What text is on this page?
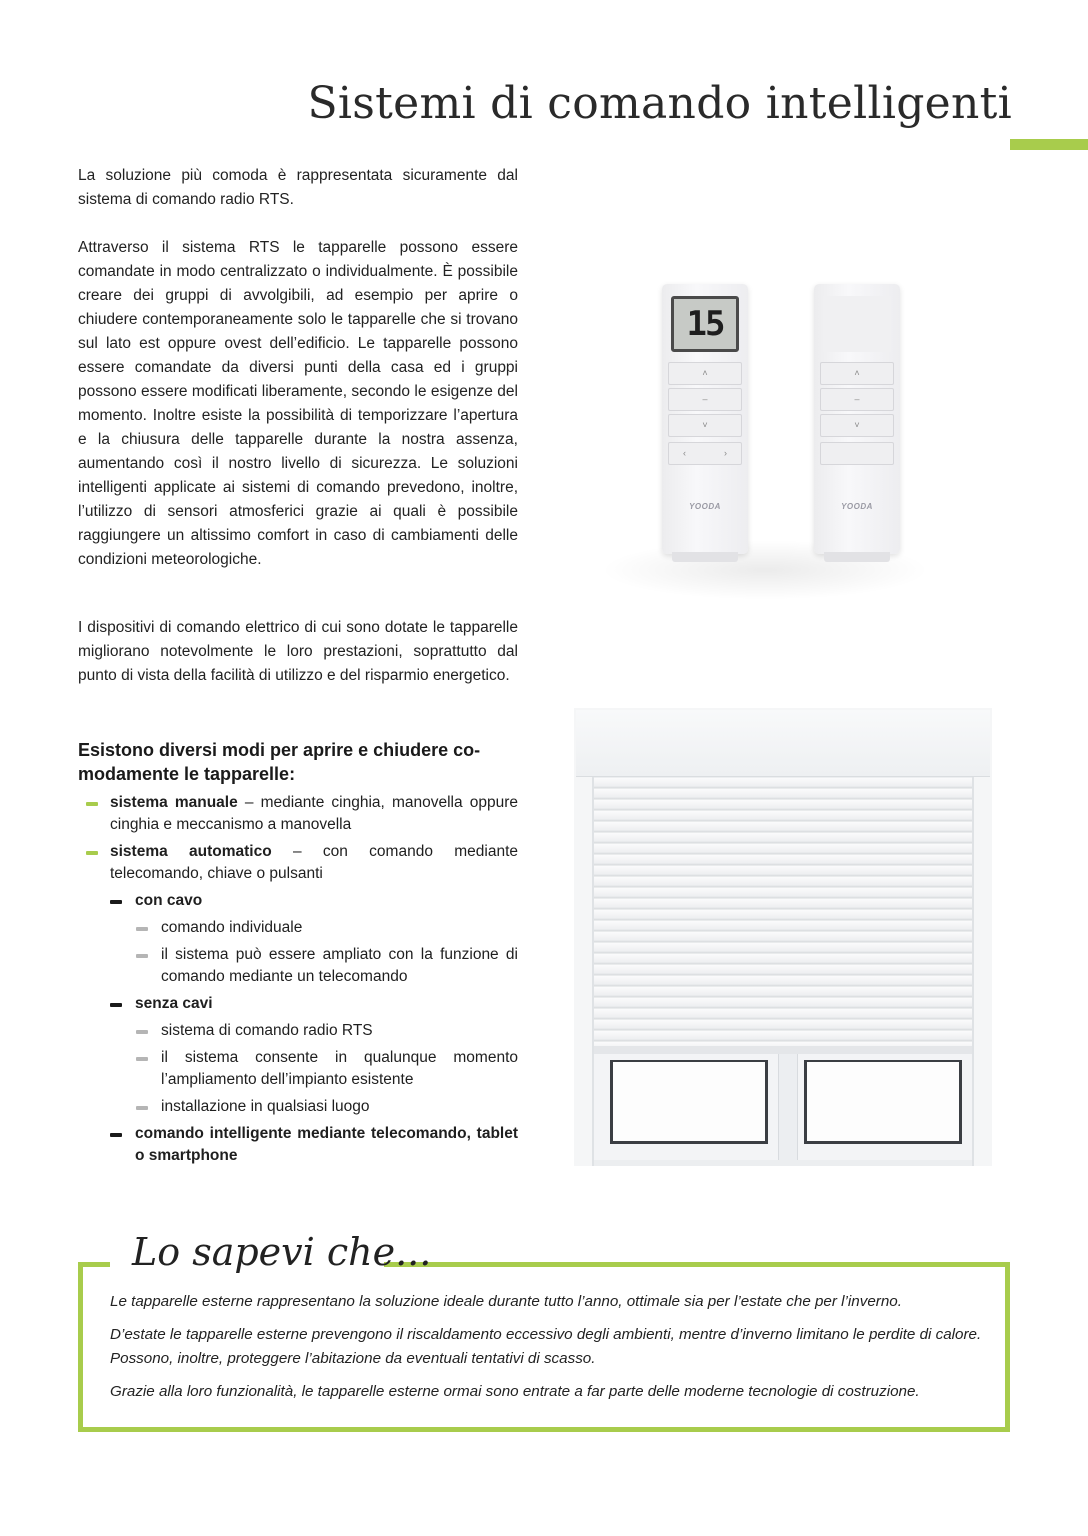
Sistemi di comando intelligenti

La soluzione più comoda è rappresentata sicuramente dal sistema di comando radio RTS.

Attraverso il sistema RTS le tapparelle possono essere comandate in modo centralizzato o individualmente. È possibile creare dei gruppi di avvolgibili, ad esempio per aprire o chiudere contemporaneamente solo le tapparelle che si trovano sul lato est oppure ovest dell’edificio. Le tapparelle possono essere comandate da diversi punti della casa ed i gruppi possono essere modificati liberamente, secondo le esigenze del momento. Inoltre esiste la possibilità di temporizzare l’apertura e la chiusura delle tapparelle durante la nostra assenza, aumentando così il nostro livello di sicurezza. Le soluzioni intelligenti applicate ai sistemi di comando prevedono, inoltre, l’utilizzo di sensori atmosferici grazie ai quali è possibile raggiungere un altissimo comfort in caso di cambiamenti delle condizioni meteorologiche.

I dispositivi di comando elettrico di cui sono dotate le tapparelle migliorano notevolmente le loro prestazioni, soprattutto dal punto di vista della facilità di utilizzo e del risparmio energetico.

Esistono diversi modi per aprire e chiudere co-modamente le tapparelle:
sistema manuale – mediante cinghia, manovella oppure cinghia e meccanismo a manovella
sistema automatico – con comando mediante telecomando, chiave o pulsanti
con cavo
comando individuale
il sistema può essere ampliato con la funzione di comando mediante un telecomando
senza cavi
sistema di comando radio RTS
il sistema consente in qualunque momento l’ampliamento dell’impianto esistente
installazione in qualsiasi luogo
comando intelligente mediante telecomando, tablet o smartphone
15
˄
–
˅
‹	›
YOODA
˄
–
˅
YOODA
Lo sapevi che...

Le tapparelle esterne rappresentano la soluzione ideale durante tutto l’anno, ottimale sia per l’estate che per l’inverno.

D’estate le tapparelle esterne prevengono il riscaldamento eccessivo degli ambienti, mentre d’inverno limitano le perdite di calore. Possono, inoltre, proteggere l’abitazione da eventuali tentativi di scasso.

Grazie alla loro funzionalità, le tapparelle esterne ormai sono entrate a far parte delle moderne tecnologie di costruzione.
